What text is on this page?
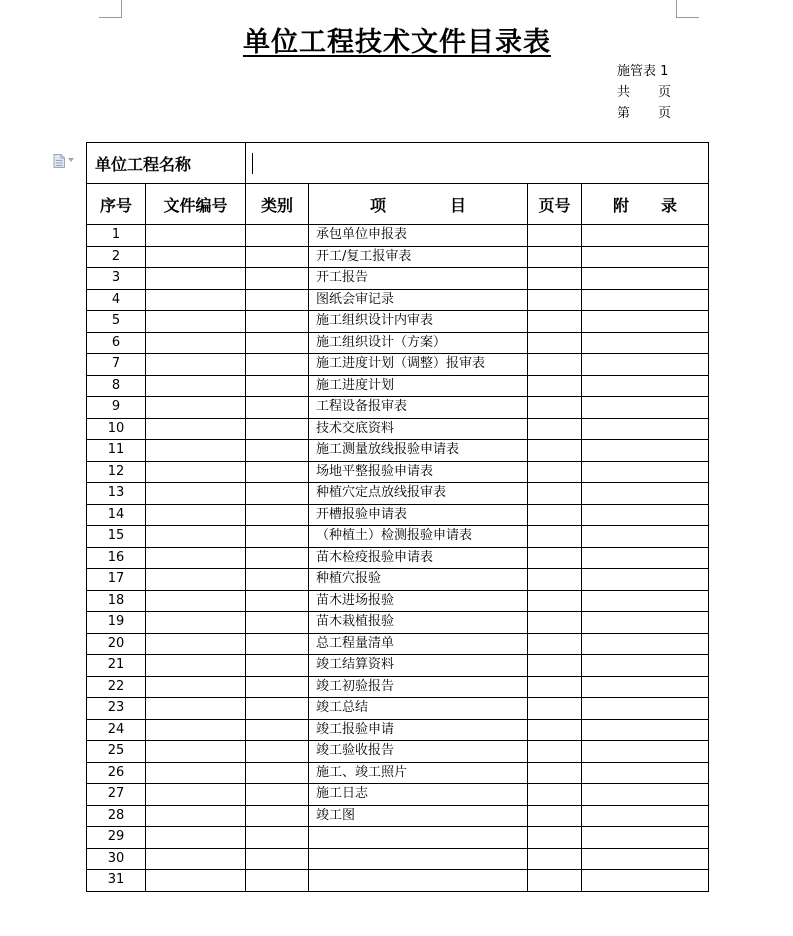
单位工程技术文件目录表
施管表 1
共 页
第 页
单位工程名称					
序号	文件编号	类别	项　　　　目	页号	附　　录
1			承包单位申报表		
2			开工/复工报审表		
3			开工报告		
4			图纸会审记录		
5			施工组织设计内审表		
6			施工组织设计（方案）		
7			施工进度计划（调整）报审表		
8			施工进度计划		
9			工程设备报审表		
10			技术交底资料		
11			施工测量放线报验申请表		
12			场地平整报验申请表		
13			种植穴定点放线报审表		
14			开槽报验申请表		
15			（种植土）检测报验申请表		
16			苗木检疫报验申请表		
17			种植穴报验		
18			苗木进场报验		
19			苗木栽植报验		
20			总工程量清单		
21			竣工结算资料		
22			竣工初验报告		
23			竣工总结		
24			竣工报验申请		
25			竣工验收报告		
26			施工、竣工照片		
27			施工日志		
28			竣工图		
29					
30					
31					
